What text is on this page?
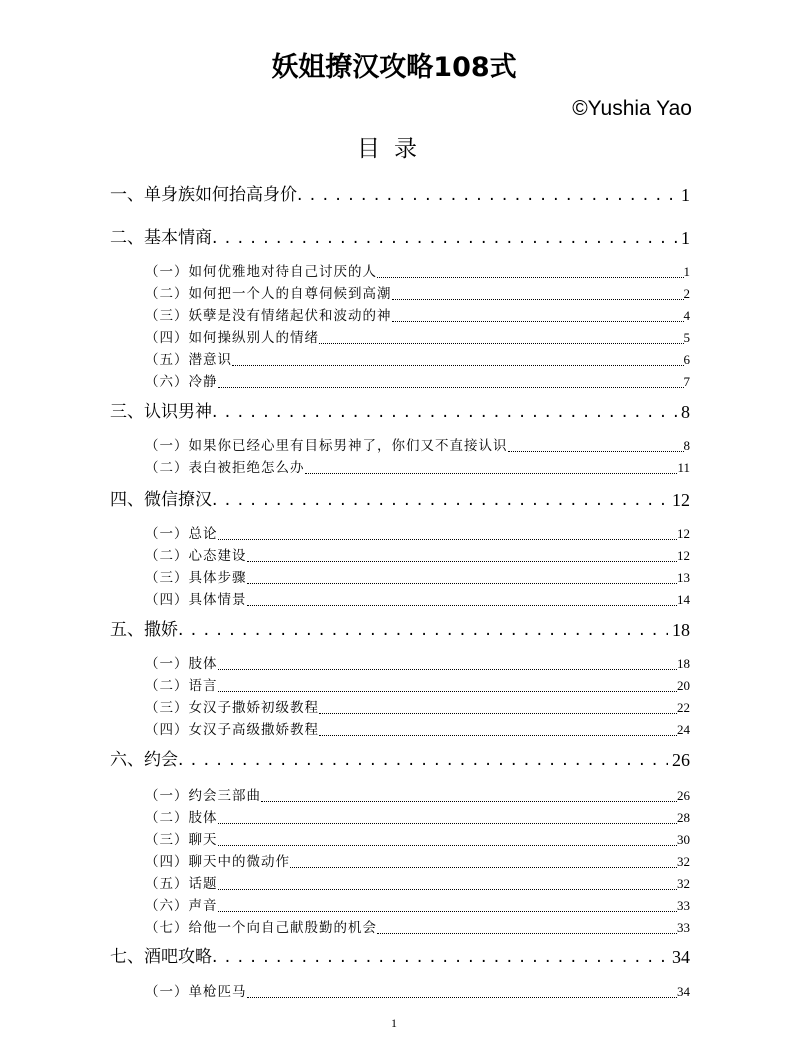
妖姐撩汉攻略108式
©Yushia Yao
目录
一、单身族如何抬高身价 . . .	1
二、基本情商 . . .	1
（一）如何优雅地对待自己讨厌的人	1
（二）如何把一个人的自尊伺候到高潮	2
（三）妖孽是没有情绪起伏和波动的神	4
（四）如何操纵别人的情绪	5
（五）潜意识	6
（六）冷静	7
三、认识男神 . . .	8
（一）如果你已经心里有目标男神了，你们又不直接认识	8
（二）表白被拒绝怎么办	11
四、微信撩汉 . . .	12
（一）总论	12
（二）心态建设	12
（三）具体步骤	13
（四）具体情景	14
五、撒娇 . . .	18
（一）肢体	18
（二）语言	20
（三）女汉子撒娇初级教程	22
（四）女汉子高级撒娇教程	24
六、约会 . . .	26
（一）约会三部曲	26
（二）肢体	28
（三）聊天	30
（四）聊天中的微动作	32
（五）话题	32
（六）声音	33
（七）给他一个向自己献殷勤的机会	33
七、酒吧攻略 . . .	34
（一）单枪匹马	34
1
